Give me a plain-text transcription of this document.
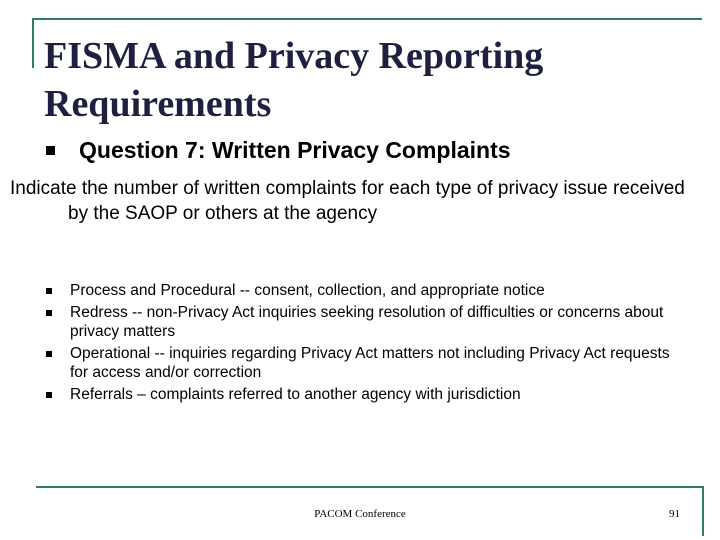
FISMA and Privacy Reporting Requirements
Question 7: Written Privacy Complaints

Indicate the number of written complaints for each type of privacy issue received by the SAOP or others at the agency

Process and Procedural -- consent, collection, and appropriate notice
Redress -- non-Privacy Act inquiries seeking resolution of difficulties or concerns about privacy matters
Operational -- inquiries regarding Privacy Act matters not including Privacy Act requests for access and/or correction
Referrals – complaints referred to another agency with jurisdiction
PACOM Conference	91
